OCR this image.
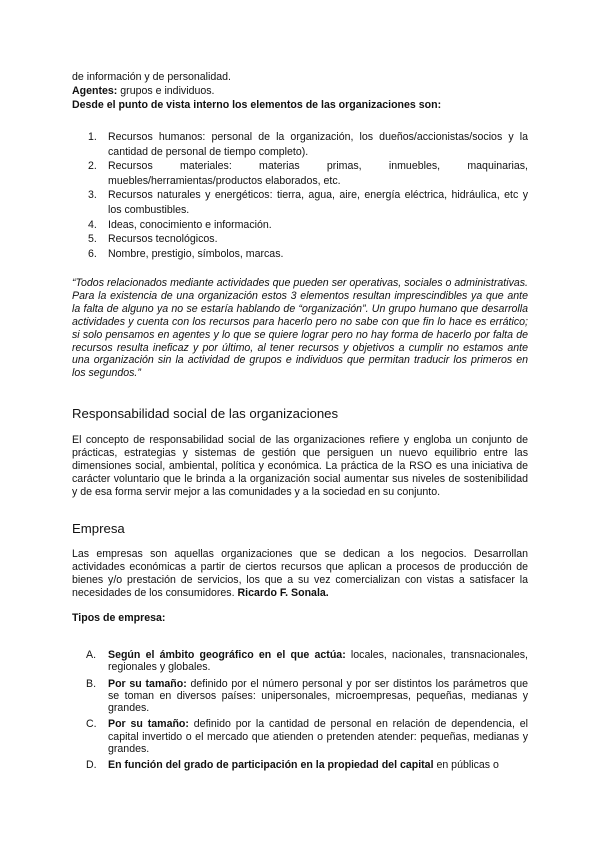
de información y de personalidad.
Agentes: grupos e individuos.
Desde el punto de vista interno los elementos de las organizaciones son:
1. Recursos humanos: personal de la organización, los dueños/accionistas/socios y la cantidad de personal de tiempo completo).
2. Recursos materiales: materias primas, inmuebles, maquinarias, muebles/herramientas/productos elaborados, etc.
3. Recursos naturales y energéticos: tierra, agua, aire, energía eléctrica, hidráulica, etc y los combustibles.
4. Ideas, conocimiento e información.
5. Recursos tecnológicos.
6. Nombre, prestigio, símbolos, marcas.
“Todos relacionados mediante actividades que pueden ser operativas, sociales o administrativas. Para la existencia de una organización estos 3 elementos resultan imprescindibles ya que ante la falta de alguno ya no se estaría hablando de “organización”. Un grupo humano que desarrolla actividades y cuenta con los recursos para hacerlo pero no sabe con que fin lo hace es errático; si solo pensamos en agentes y lo que se quiere lograr pero no hay forma de hacerlo por falta de recursos resulta ineficaz y por último, al tener recursos y objetivos a cumplir no estamos ante una organización sin la actividad de grupos e individuos que permitan traducir los primeros en los segundos.”
Responsabilidad social de las organizaciones
El concepto de responsabilidad social de las organizaciones refiere y engloba un conjunto de prácticas, estrategias y sistemas de gestión que persiguen un nuevo equilibrio entre las dimensiones social, ambiental, política y económica. La práctica de la RSO es una iniciativa de carácter voluntario que le brinda a la organización social aumentar sus niveles de sostenibilidad y de esa forma servir mejor a las comunidades y a la sociedad en su conjunto.
Empresa
Las empresas son aquellas organizaciones que se dedican a los negocios. Desarrollan actividades económicas a partir de ciertos recursos que aplican a procesos de producción de bienes y/o prestación de servicios, los que a su vez comercializan con vistas a satisfacer la necesidades de los consumidores. Ricardo F. Sonala.
Tipos de empresa:
A. Según el ámbito geográfico en el que actúa: locales, nacionales, transnacionales, regionales y globales.
B. Por su tamaño: definido por el número personal y por ser distintos los parámetros que se toman en diversos países: unipersonales, microempresas, pequeñas, medianas y grandes.
C. Por su tamaño: definido por la cantidad de personal en relación de dependencia, el capital invertido o el mercado que atienden o pretenden atender: pequeñas, medianas y grandes.
D. En función del grado de participación en la propiedad del capital en públicas o
